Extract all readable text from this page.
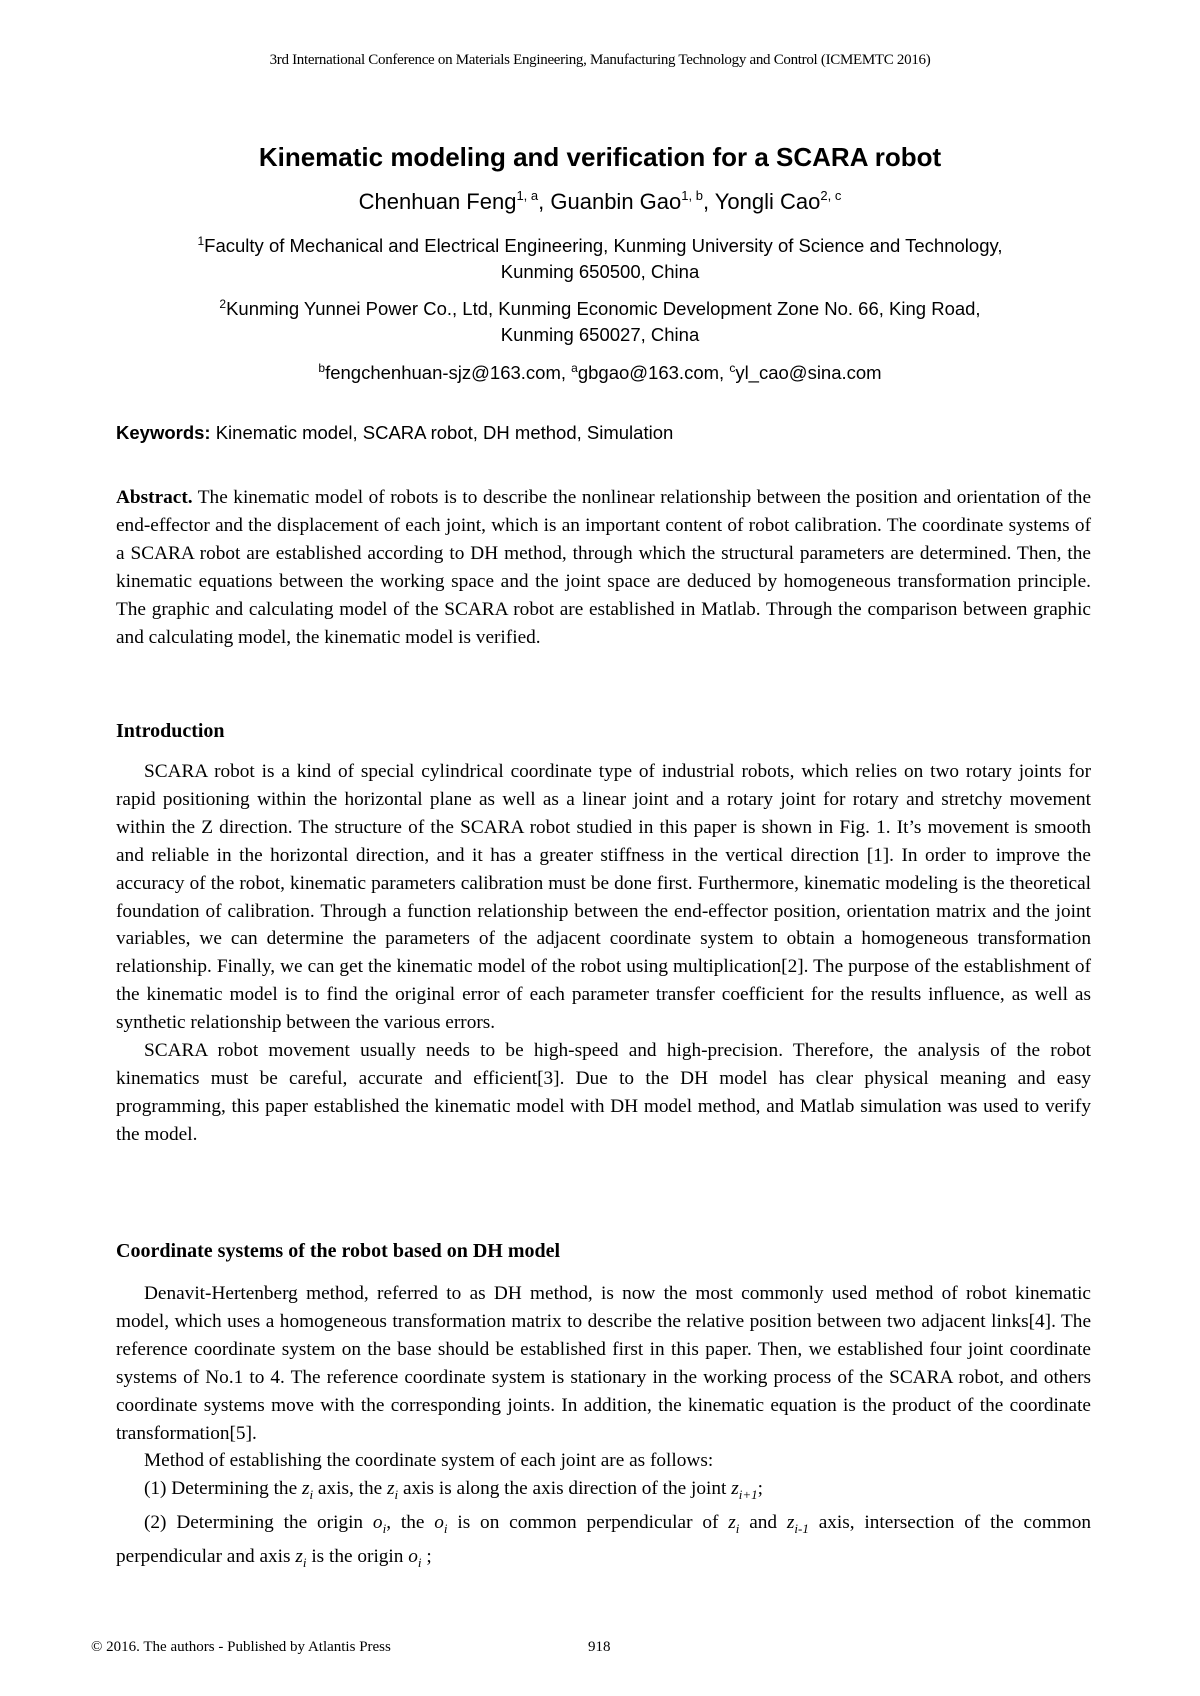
3rd International Conference on Materials Engineering, Manufacturing Technology and Control (ICMEMTC 2016)
Kinematic modeling and verification for a SCARA robot
Chenhuan Feng$^{1, a}$, Guanbin Gao$^{1, b}$, Yongli Cao$^{2, c}$
$^1$Faculty of Mechanical and Electrical Engineering, Kunming University of Science and Technology,
Kunming 650500, China
$^2$Kunming Yunnei Power Co., Ltd, Kunming Economic Development Zone No. 66, King Road,
Kunming 650027, China
$^b$fengchenhuan-sjz@163.com, $^a$gbgao@163.com, $^c$yl_cao@sina.com
Keywords: Kinematic model, SCARA robot, DH method, Simulation

Abstract. The kinematic model of robots is to describe the nonlinear relationship between the position and orientation of the end-effector and the displacement of each joint, which is an important content of robot calibration. The coordinate systems of a SCARA robot are established according to DH method, through which the structural parameters are determined. Then, the kinematic equations between the working space and the joint space are deduced by homogeneous transformation principle. The graphic and calculating model of the SCARA robot are established in Matlab. Through the comparison between graphic and calculating model, the kinematic model is verified.

Introduction

SCARA robot is a kind of special cylindrical coordinate type of industrial robots, which relies on two rotary joints for rapid positioning within the horizontal plane as well as a linear joint and a rotary joint for rotary and stretchy movement within the Z direction. The structure of the SCARA robot studied in this paper is shown in Fig. 1. It’s movement is smooth and reliable in the horizontal direction, and it has a greater stiffness in the vertical direction [1]. In order to improve the accuracy of the robot, kinematic parameters calibration must be done first. Furthermore, kinematic modeling is the theoretical foundation of calibration. Through a function relationship between the end-effector position, orientation matrix and the joint variables, we can determine the parameters of the adjacent coordinate system to obtain a homogeneous transformation relationship. Finally, we can get the kinematic model of the robot using multiplication[2]. The purpose of the establishment of the kinematic model is to find the original error of each parameter transfer coefficient for the results influence, as well as synthetic relationship between the various errors.

SCARA robot movement usually needs to be high-speed and high-precision. Therefore, the analysis of the robot kinematics must be careful, accurate and efficient[3]. Due to the DH model has clear physical meaning and easy programming, this paper established the kinematic model with DH model method, and Matlab simulation was used to verify the model.

Coordinate systems of the robot based on DH model

Denavit-Hertenberg method, referred to as DH method, is now the most commonly used method of robot kinematic model, which uses a homogeneous transformation matrix to describe the relative position between two adjacent links[4]. The reference coordinate system on the base should be established first in this paper. Then, we established four joint coordinate systems of No.1 to 4. The reference coordinate system is stationary in the working process of the SCARA robot, and others coordinate systems move with the corresponding joints. In addition, the kinematic equation is the product of the coordinate transformation[5].

Method of establishing the coordinate system of each joint are as follows:

(1) Determining the $z_i$ axis, the $z_i$ axis is along the axis direction of the joint $z_{i+1}$;

(2) Determining the origin $o_i$, the $o_i$ is on common perpendicular of $z_i$ and $z_{i-1}$ axis, intersection of the common perpendicular and axis $z_i$ is the origin $o_i$ ;

© 2016. The authors - Published by Atlantis Press	918
